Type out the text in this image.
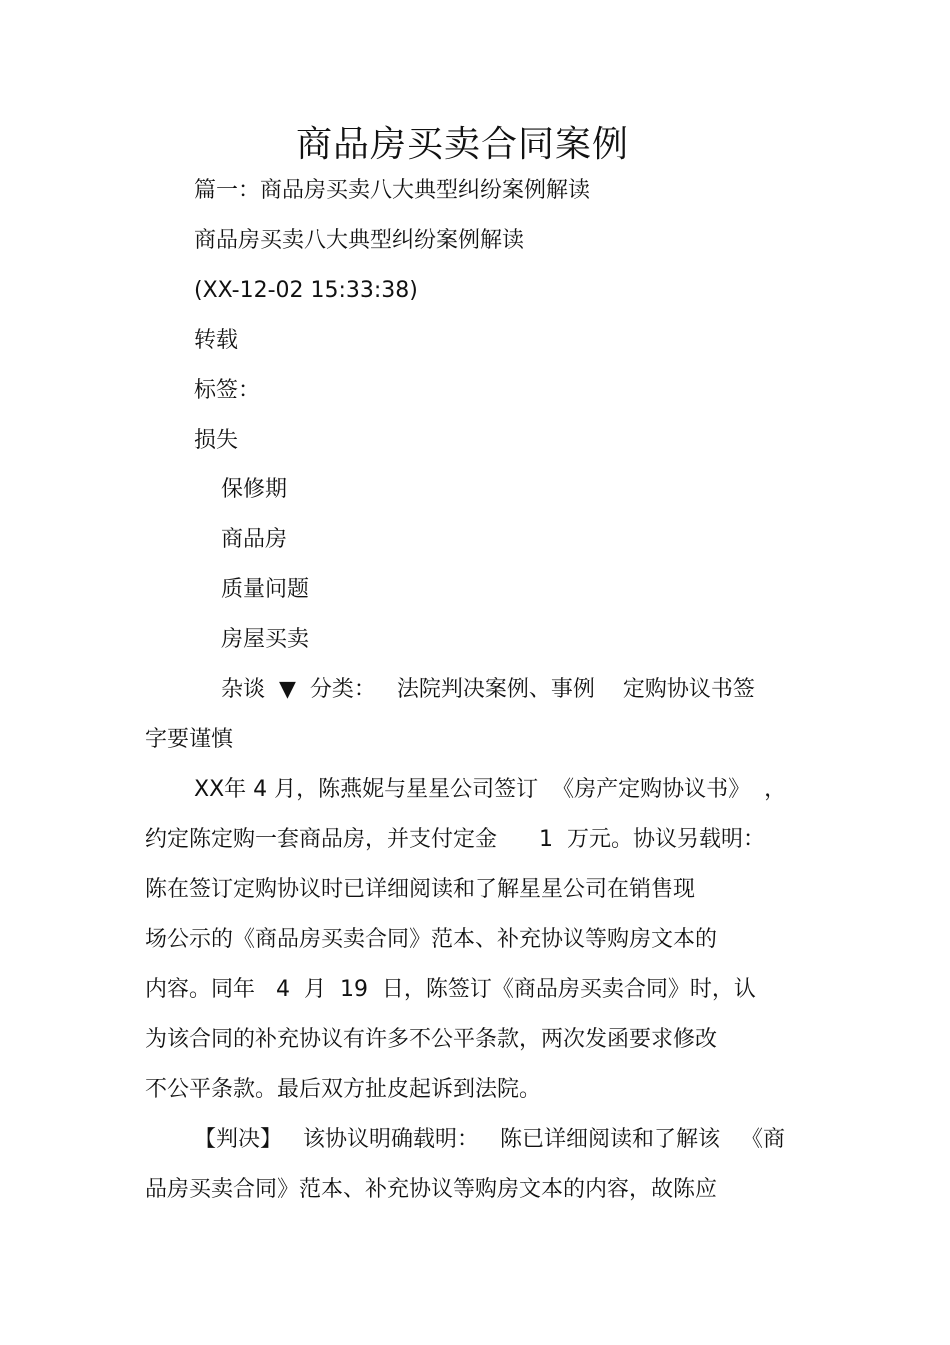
商品房买卖合同案例
篇一：商品房买卖八大典型纠纷案例解读
商品房买卖八大典型纠纷案例解读
(XX-12-02 15:33:38)
转载
标签：
损失
保修期
商品房
质量问题
房屋买卖
杂谈  ▼  分类：   法院判决案例、事例    定购协议书签
字要谨慎
XX年 4 月，陈燕妮与星星公司签订  《房产定购协议书》  ，
约定陈定购一套商品房，并支付定金      1  万元。协议另载明：
陈在签订定购协议时已详细阅读和了解星星公司在销售现
场公示的《商品房买卖合同》范本、补充协议等购房文本的
内容。同年   4  月  19  日，陈签订《商品房买卖合同》时，认
为该合同的补充协议有许多不公平条款，两次发函要求修改
不公平条款。最后双方扯皮起诉到法院。
【判决】   该协议明确载明：   陈已详细阅读和了解该   《商
品房买卖合同》范本、补充协议等购房文本的内容，故陈应
